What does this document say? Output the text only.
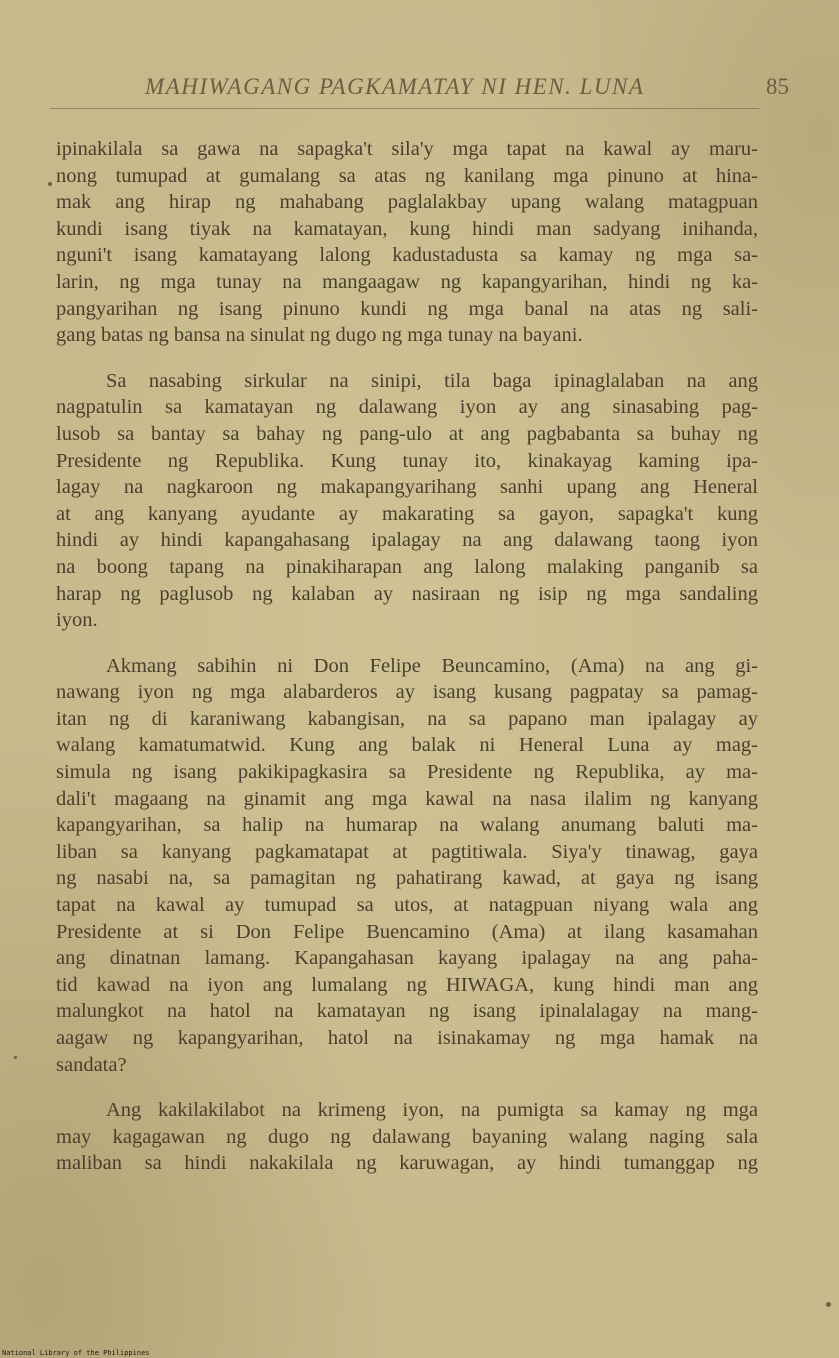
MAHIWAGANG PAGKAMATAY NI HEN. LUNA	85

ipinakilala sa gawa na sapagka't sila'y mga tapat na kawal ay maru-
nong tumupad at gumalang sa atas ng kanilang mga pinuno at hina-
mak ang hirap ng mahabang paglalakbay upang walang matagpuan
kundi isang tiyak na kamatayan, kung hindi man sadyang inihanda,
nguni't isang kamatayang lalong kadustadusta sa kamay ng mga sa-
larin, ng mga tunay na mangaagaw ng kapangyarihan, hindi ng ka-
pangyarihan ng isang pinuno kundi ng mga banal na atas ng sali-
gang batas ng bansa na sinulat ng dugo ng mga tunay na bayani.

Sa nasabing sirkular na sinipi, tila baga ipinaglalaban na ang
nagpatulin sa kamatayan ng dalawang iyon ay ang sinasabing pag-
lusob sa bantay sa bahay ng pang-ulo at ang pagbabanta sa buhay ng
Presidente ng Republika. Kung tunay ito, kinakayag kaming ipa-
lagay na nagkaroon ng makapangyarihang sanhi upang ang Heneral
at ang kanyang ayudante ay makarating sa gayon, sapagka't kung
hindi ay hindi kapangahasang ipalagay na ang dalawang taong iyon
na boong tapang na pinakiharapan ang lalong malaking panganib sa
harap ng paglusob ng kalaban ay nasiraan ng isip ng mga sandaling
iyon.

Akmang sabihin ni Don Felipe Beuncamino, (Ama) na ang gi-
nawang iyon ng mga alabarderos ay isang kusang pagpatay sa pamag-
itan ng di karaniwang kabangisan, na sa papano man ipalagay ay
walang kamatumatwid. Kung ang balak ni Heneral Luna ay mag-
simula ng isang pakikipagkasira sa Presidente ng Republika, ay ma-
dali't magaang na ginamit ang mga kawal na nasa ilalim ng kanyang
kapangyarihan, sa halip na humarap na walang anumang baluti ma-
liban sa kanyang pagkamatapat at pagtitiwala. Siya'y tinawag, gaya
ng nasabi na, sa pamagitan ng pahatirang kawad, at gaya ng isang
tapat na kawal ay tumupad sa utos, at natagpuan niyang wala ang
Presidente at si Don Felipe Buencamino (Ama) at ilang kasamahan
ang dinatnan lamang. Kapangahasan kayang ipalagay na ang paha-
tid kawad na iyon ang lumalang ng HIWAGA, kung hindi man ang
malungkot na hatol na kamatayan ng isang ipinalalagay na mang-
aagaw ng kapangyarihan, hatol na isinakamay ng mga hamak na
sandata?

Ang kakilakilabot na krimeng iyon, na pumigta sa kamay ng mga
may kagagawan ng dugo ng dalawang bayaning walang naging sala
maliban sa hindi nakakilala ng karuwagan, ay hindi tumanggap ng

National Library of the Philippines
